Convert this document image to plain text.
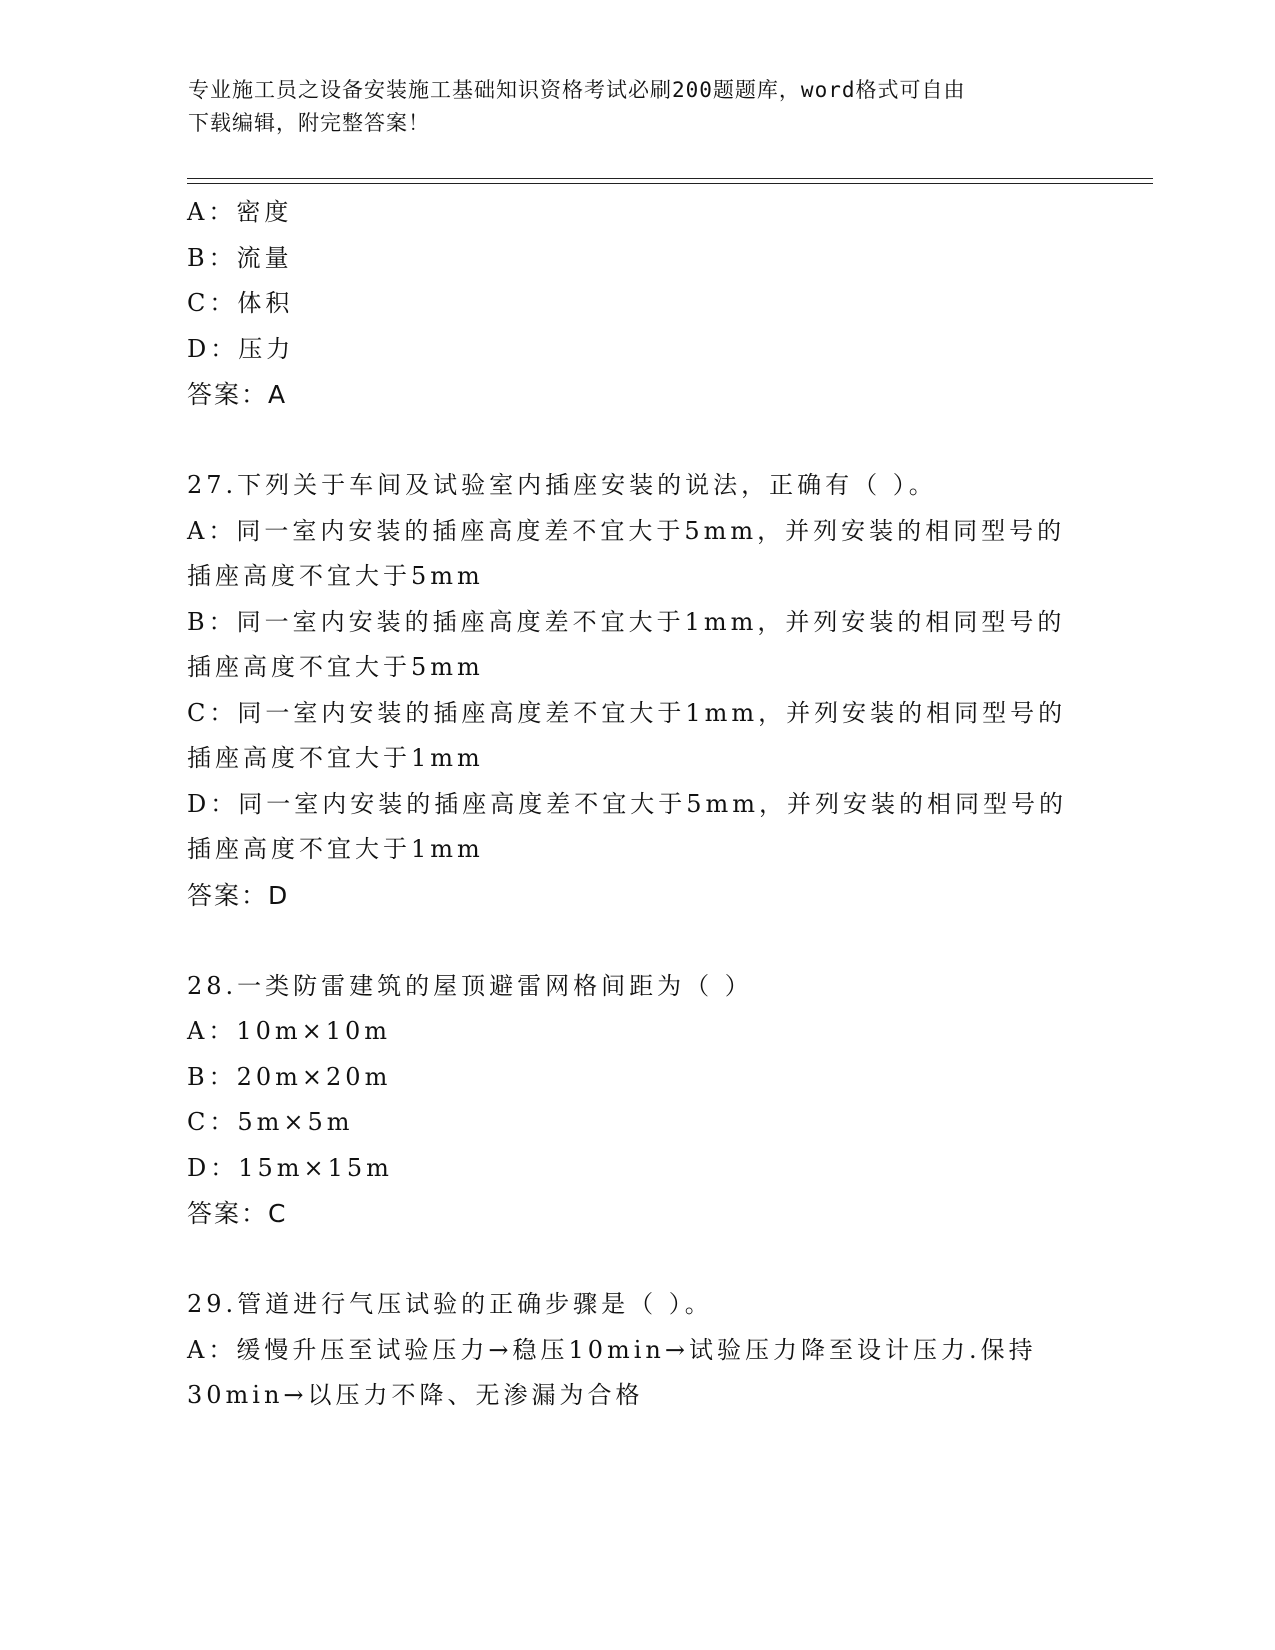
专业施工员之设备安装施工基础知识资格考试必刷200题题库，word格式可自由
下载编辑，附完整答案！
A：密度
B：流量
C：体积
D：压力
答案：A
27.下列关于车间及试验室内插座安装的说法，正确有（ ）。
A：同一室内安装的插座高度差不宜大于5mm，并列安装的相同型号的
插座高度不宜大于5mm
B：同一室内安装的插座高度差不宜大于1mm，并列安装的相同型号的
插座高度不宜大于5mm
C：同一室内安装的插座高度差不宜大于1mm，并列安装的相同型号的
插座高度不宜大于1mm
D：同一室内安装的插座高度差不宜大于5mm，并列安装的相同型号的
插座高度不宜大于1mm
答案：D
28.一类防雷建筑的屋顶避雷网格间距为（ ）
A：10m×10m
B：20m×20m
C：5m×5m
D：15m×15m
答案：C
29.管道进行气压试验的正确步骤是（ ）。
A：缓慢升压至试验压力→稳压10min→试验压力降至设计压力.保持
30min→以压力不降、无渗漏为合格
